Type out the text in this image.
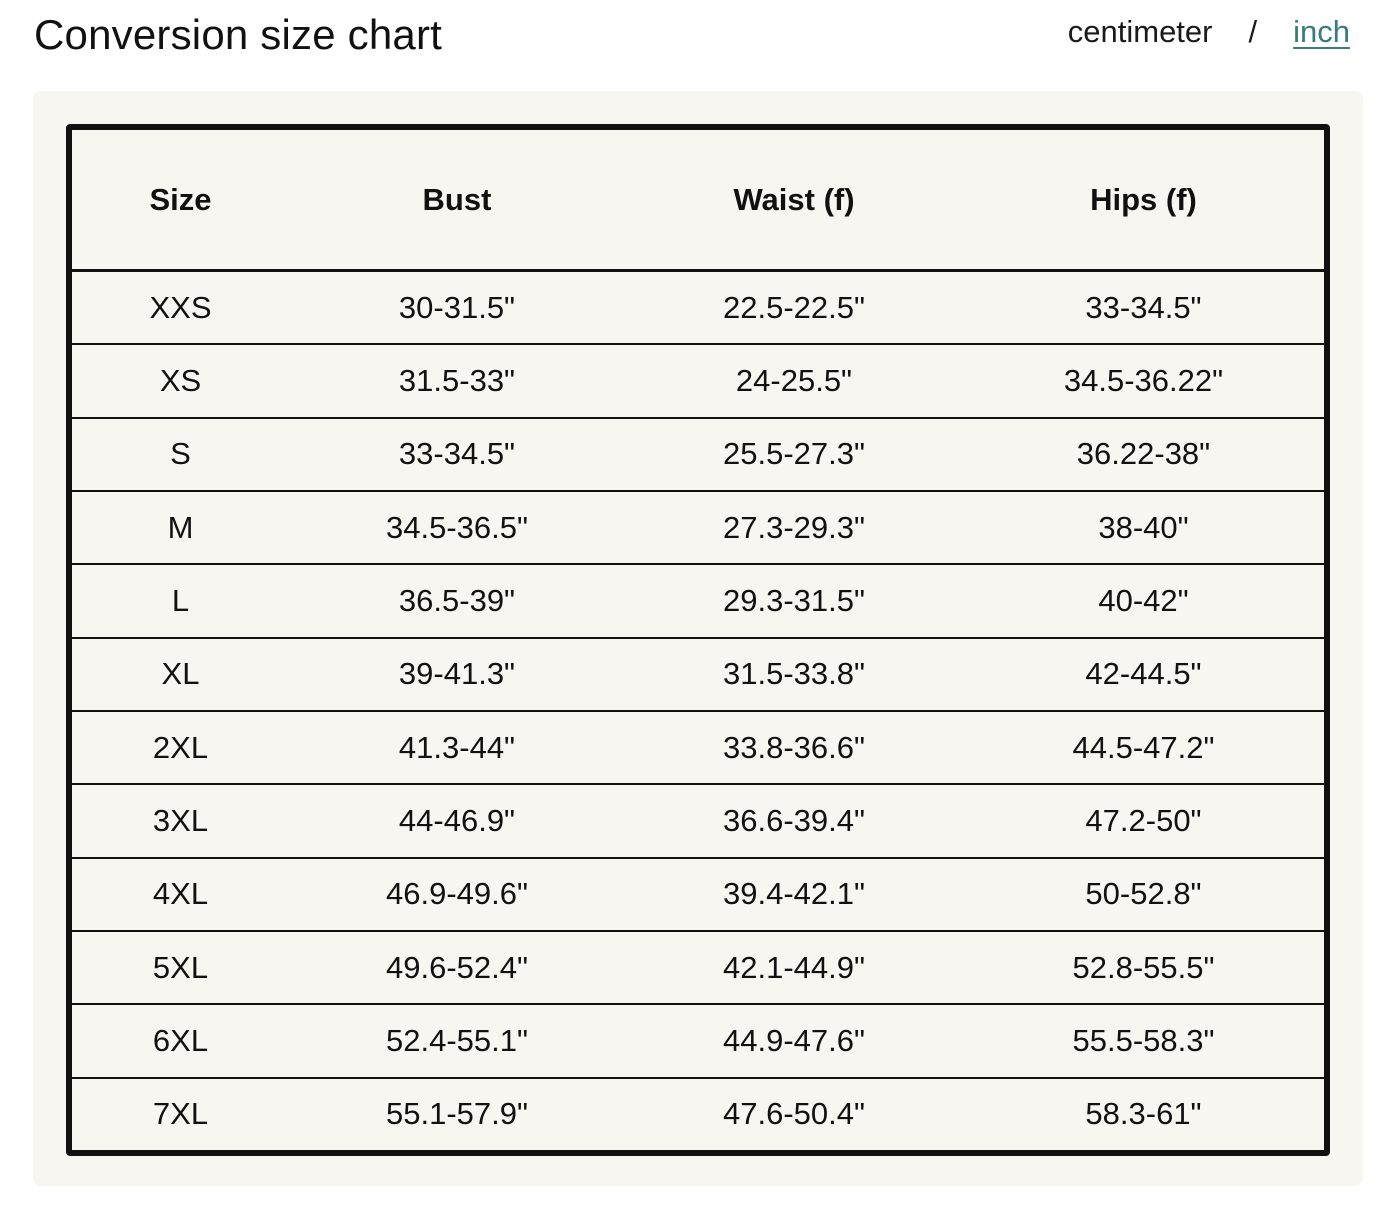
Conversion size chart	centimeter / inch
Size	Bust	Waist (f)	Hips (f)
XXS	30-31.5"	22.5-22.5"	33-34.5"
XS	31.5-33"	24-25.5"	34.5-36.22"
S	33-34.5"	25.5-27.3"	36.22-38"
M	34.5-36.5"	27.3-29.3"	38-40"
L	36.5-39"	29.3-31.5"	40-42"
XL	39-41.3"	31.5-33.8"	42-44.5"
2XL	41.3-44"	33.8-36.6"	44.5-47.2"
3XL	44-46.9"	36.6-39.4"	47.2-50"
4XL	46.9-49.6"	39.4-42.1"	50-52.8"
5XL	49.6-52.4"	42.1-44.9"	52.8-55.5"
6XL	52.4-55.1"	44.9-47.6"	55.5-58.3"
7XL	55.1-57.9"	47.6-50.4"	58.3-61"
